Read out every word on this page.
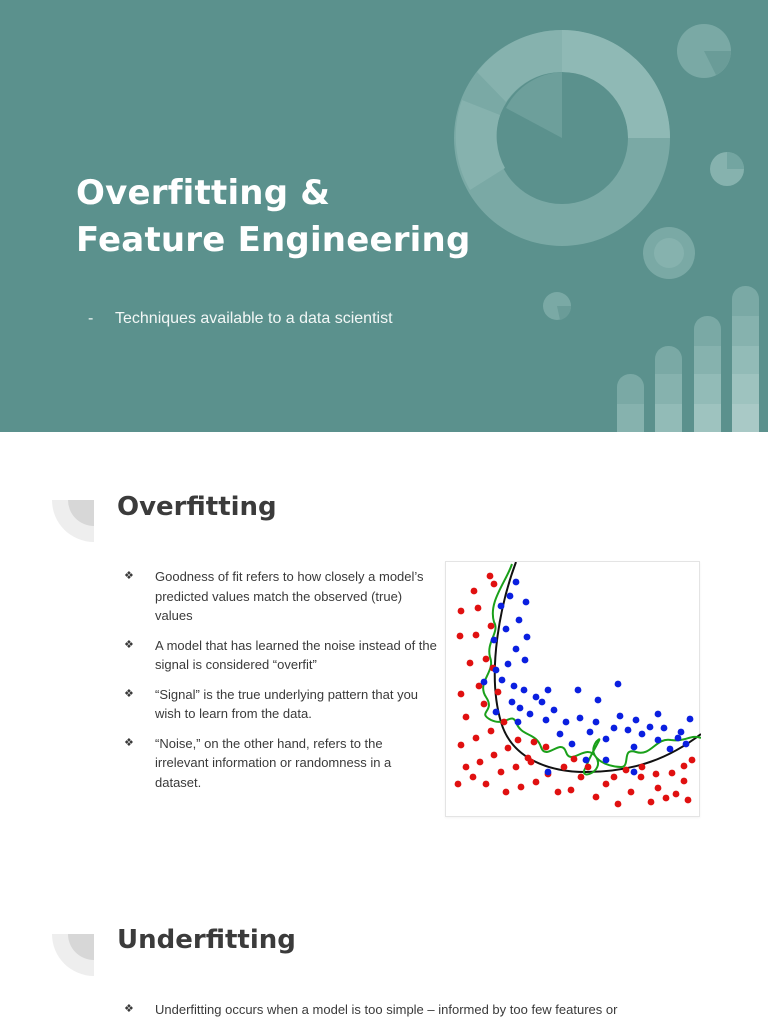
Overfitting &
Feature Engineering

- Techniques available to a data scientist

Overfitting
❖ Goodness of fit refers to how closely a model’s predicted values match the observed (true) values
❖ A model that has learned the noise instead of the signal is considered “overfit”
❖ “Signal” is the true underlying pattern that you wish to learn from the data.
❖ “Noise,” on the other hand, refers to the irrelevant information or randomness in a dataset.
Underfitting
❖ Underfitting occurs when a model is too simple – informed by too few features or
